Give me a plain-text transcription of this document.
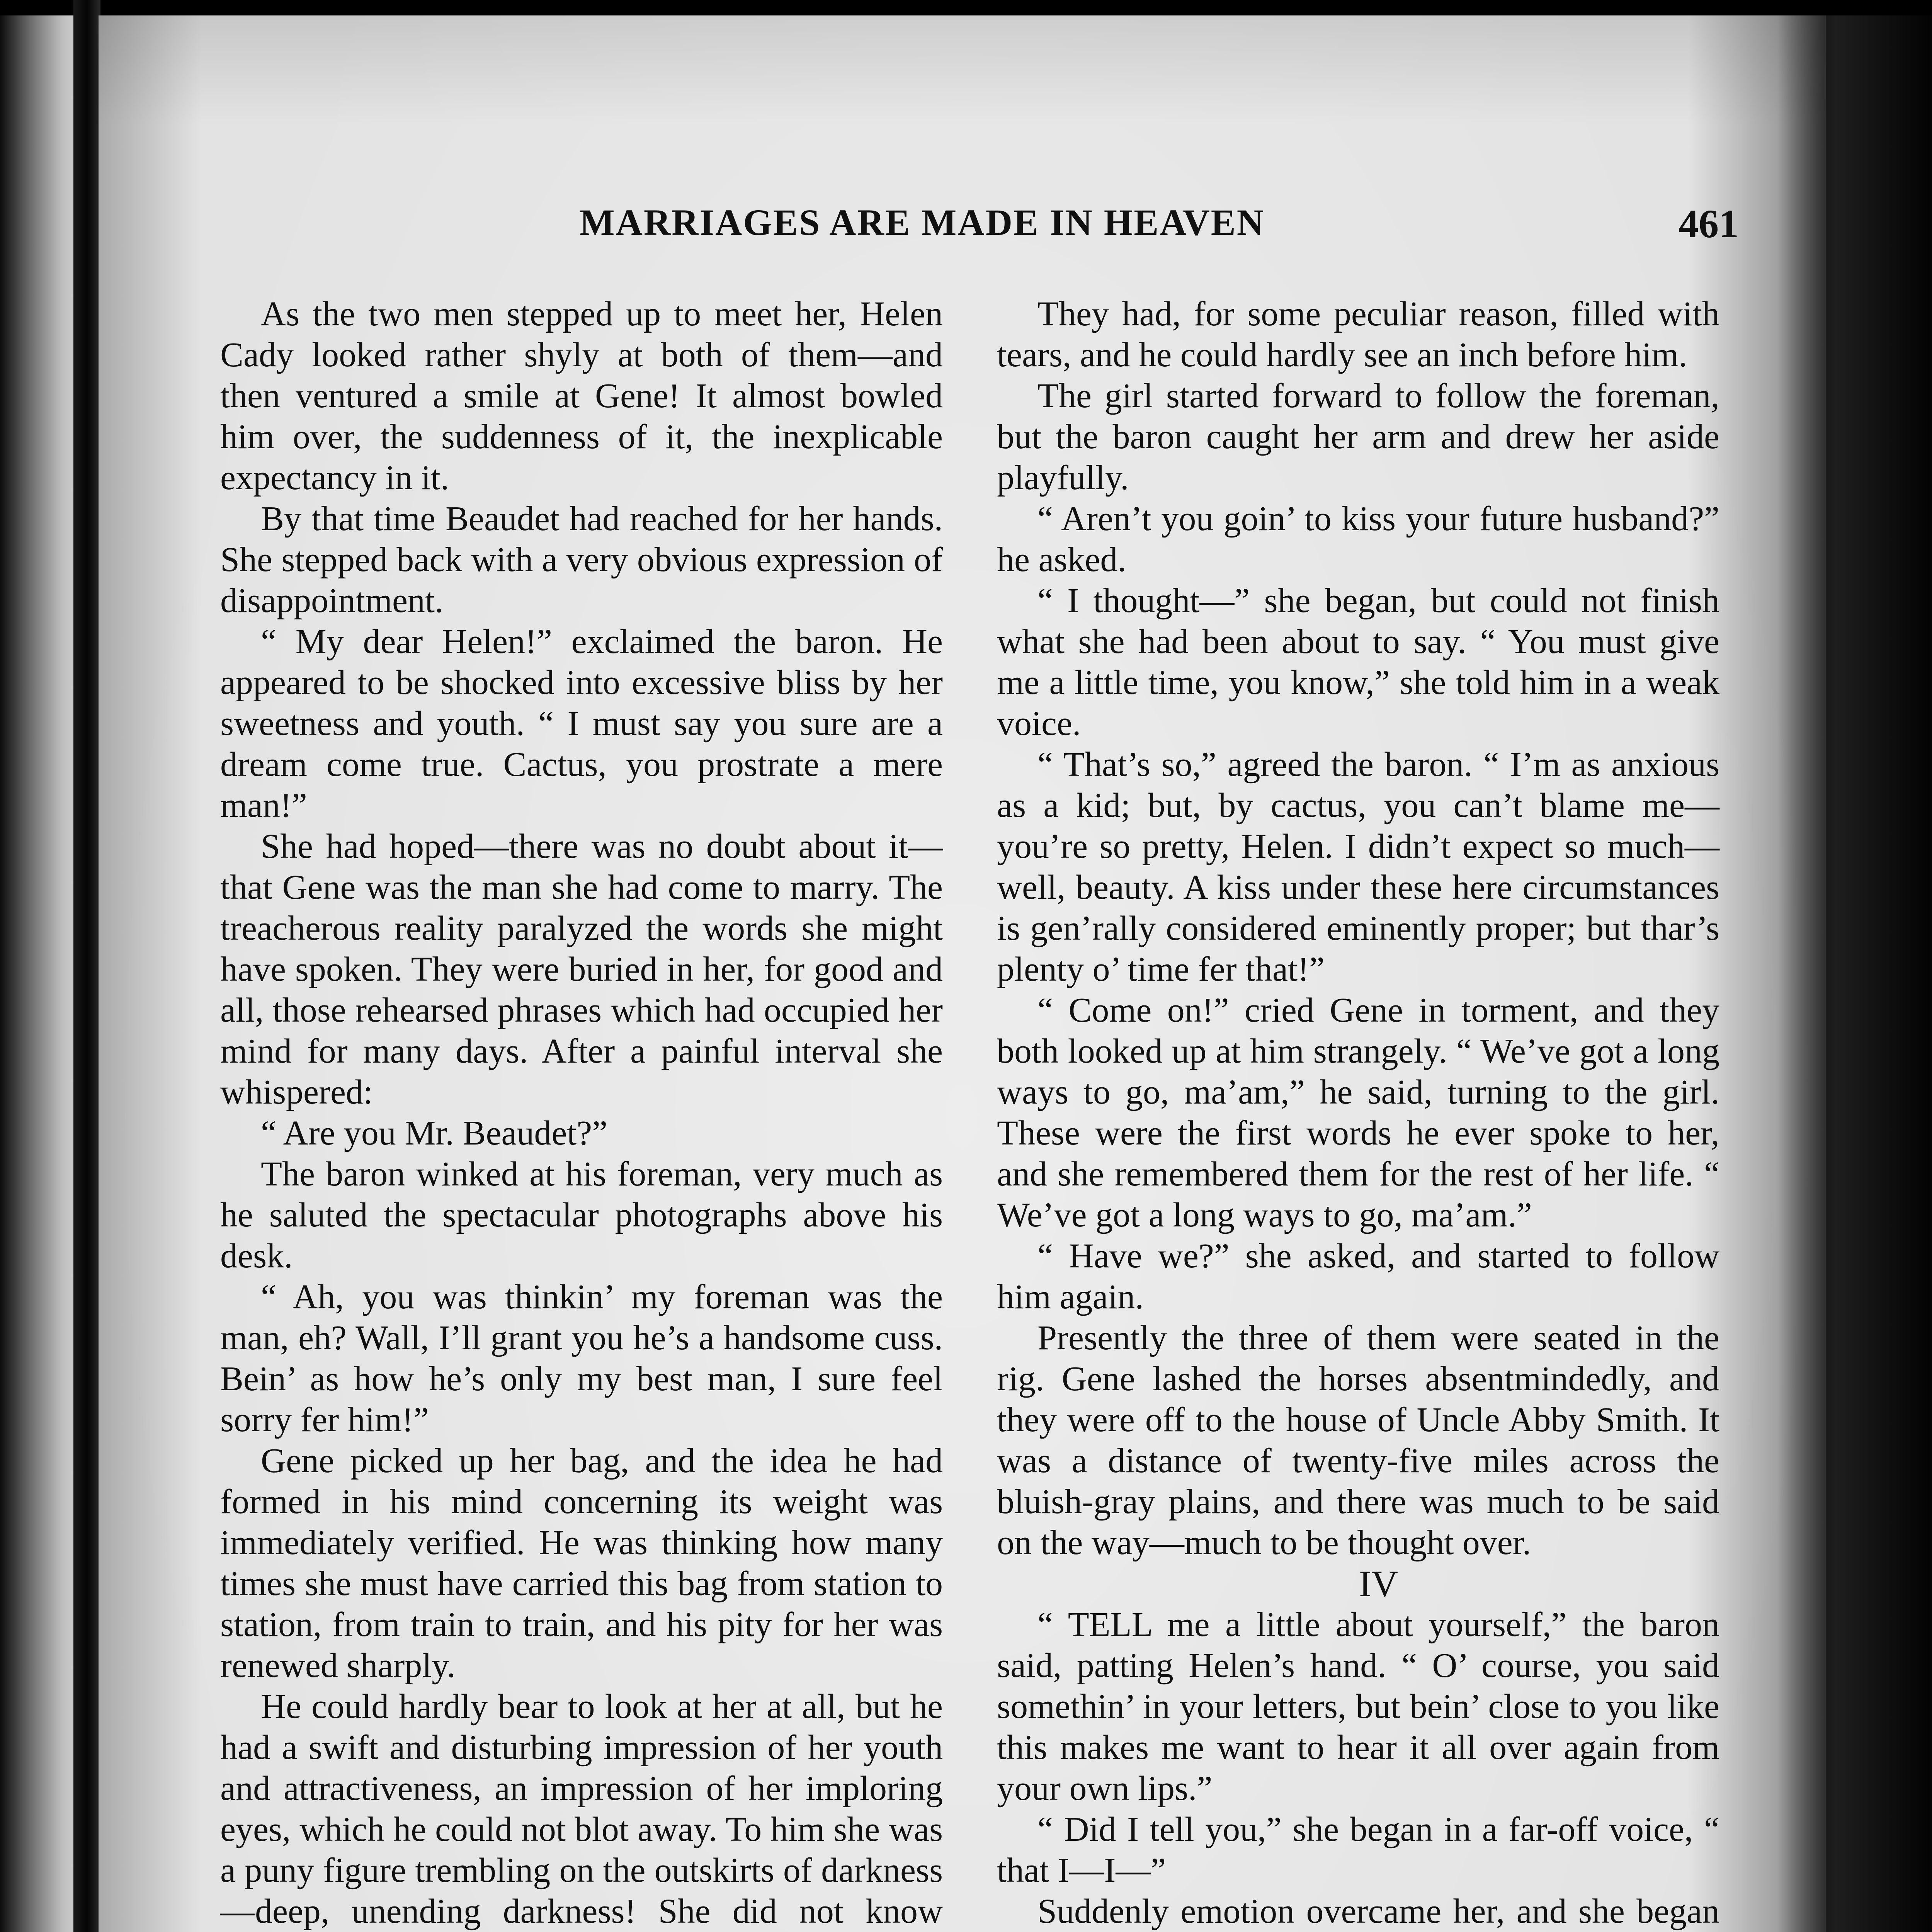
MARRIAGES ARE MADE IN HEAVEN	461

As the two men stepped up to meet her, Helen Cady looked rather shyly at both of them—and then ventured a smile at Gene! It almost bowled him over, the suddenness of it, the inexplicable expectancy in it.

By that time Beaudet had reached for her hands. She stepped back with a very obvious expression of disappointment.

“ My dear Helen!” exclaimed the baron. He appeared to be shocked into excessive bliss by her sweetness and youth. “ I must say you sure are a dream come true. Cactus, you prostrate a mere man!”

She had hoped—there was no doubt about it—that Gene was the man she had come to marry. The treacherous reality paralyzed the words she might have spoken. They were buried in her, for good and all, those rehearsed phrases which had occupied her mind for many days. After a painful interval she whispered:

“ Are you Mr. Beaudet?”

The baron winked at his foreman, very much as he saluted the spectacular photographs above his desk.

“ Ah, you was thinkin’ my foreman was the man, eh? Wall, I’ll grant you he’s a handsome cuss. Bein’ as how he’s only my best man, I sure feel sorry fer him!”

Gene picked up her bag, and the idea he had formed in his mind concerning its weight was immediately verified. He was thinking how many times she must have carried this bag from station to station, from train to train, and his pity for her was renewed sharply.

He could hardly bear to look at her at all, but he had a swift and disturbing impression of her youth and attractiveness, an impression of her imploring eyes, which he could not blot away. To him she was a puny figure trembling on the outskirts of darkness—deep, unending darkness! She did not know

They had, for some peculiar reason, filled with tears, and he could hardly see an inch before him.

The girl started forward to follow the foreman, but the baron caught her arm and drew her aside playfully.

“ Aren’t you goin’ to kiss your future husband?” he asked.

“ I thought—” she began, but could not finish what she had been about to say. “ You must give me a little time, you know,” she told him in a weak voice.

“ That’s so,” agreed the baron. “ I’m as anxious as a kid; but, by cactus, you can’t blame me—you’re so pretty, Helen. I didn’t expect so much—well, beauty. A kiss under these here circumstances is gen’rally considered eminently proper; but thar’s plenty o’ time fer that!”

“ Come on!” cried Gene in torment, and they both looked up at him strangely. “ We’ve got a long ways to go, ma’am,” he said, turning to the girl. These were the first words he ever spoke to her, and she remembered them for the rest of her life. “ We’ve got a long ways to go, ma’am.”

“ Have we?” she asked, and started to follow him again.

Presently the three of them were seated in the rig. Gene lashed the horses absentmindedly, and they were off to the house of Uncle Abby Smith. It was a distance of twenty-five miles across the bluish-gray plains, and there was much to be said on the way—much to be thought over.

IV

“ TELL me a little about yourself,” the baron said, patting Helen’s hand. “ O’ course, you said somethin’ in your letters, but bein’ close to you like this makes me want to hear it all over again from your own lips.”

“ Did I tell you,” she began in a far-off voice, “ that I—I—”

Suddenly emotion overcame her, and she began
